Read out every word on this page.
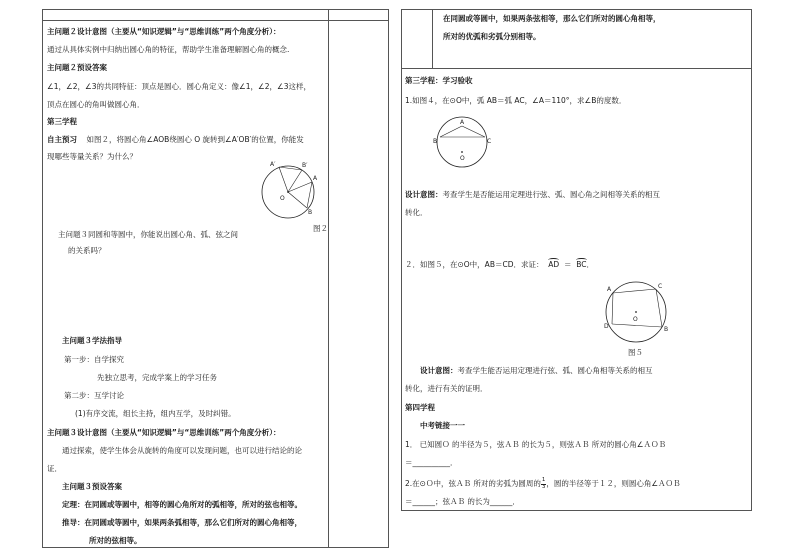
主问题２设计意图（主要从“知识逻辑”与“思维训练”两个角度分析）：
通过从具体实例中归纳出圆心角的特征，帮助学生准备理解圆心角的概念.
主问题２预设答案
∠1，∠2，∠3的共同特征：顶点是圆心．圆心角定义：像∠1，∠2，∠3这样，
顶点在圆心的角叫做圆心角．
第三学程
自主预习 如图２，将圆心角∠AOB绕圆心 O 旋转到∠A′OB′的位置，你能发
现哪些等量关系？为什么？
A′	B′
A
B
O
图２
主问题３同圆和等圆中，你能说出圆心角、弧、弦之间
的关系吗？
主问题３学法指导
第一步：自学探究
先独立思考，完成学案上的学习任务
第二步：互学讨论
(1)有序交流，组长主持，组内互学，及时纠错。
主问题３设计意图（主要从“知识逻辑”与“思维训练”两个角度分析）：
通过探索，使学生体会从旋转的角度可以发现问题，也可以进行结论的论
证．
主问题３预设答案
定理：在同圆或等圆中，相等的圆心角所对的弧相等，所对的弦也相等。
推导：在同圆或等圆中，如果两条弧相等，那么它们所对的圆心角相等，
所对的弦相等。
在同圆或等圆中，如果两条弦相等，那么它们所对的圆心角相等，
所对的优弧和劣弧分别相等。
第三学程：学习验收
1.如图４，在⊙O中，弧 AB＝弧 AC，∠A＝110°，求∠B的度数．
A
B	C
O
设计意图：考查学生是否能运用定理进行弦、弧、圆心角之间相等关系的相互
转化．
２．如图５，在⊙O中，AB＝CD．求证： AD ＝ BC．
A	C
D	B
O
图５
设计意图：考查学生能否运用定理进行弦、弧、圆心角相等关系的相互
转化，进行有关的证明．
第四学程
中考链接一一
1． 已知圆Ｏ 的半径为５，弦ＡＢ 的长为５，则弦ＡＢ 所对的圆心角∠ＡＯＢ
＝__________．
2.在⊙Ｏ中，弦ＡＢ 所对的劣弧为圆周的 $\frac{1}{3}$ ，圆的半径等于１２，则圆心角∠ＡＯＢ
＝______；弦ＡＢ 的长为______．
